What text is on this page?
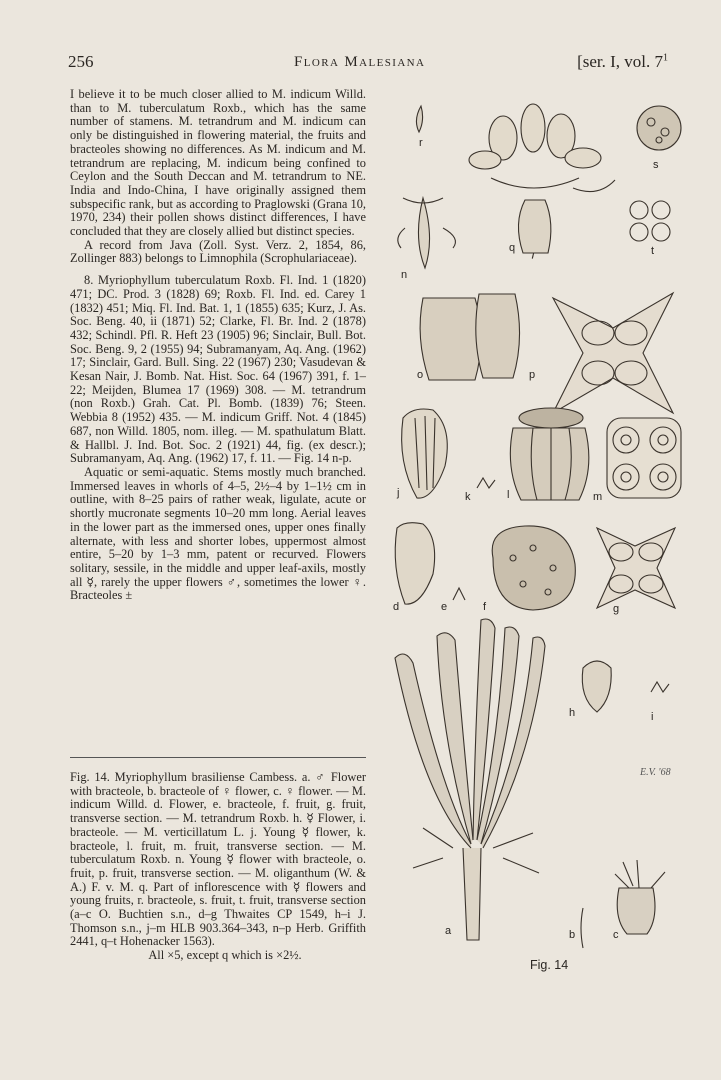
256	Flora Malesiana	[ser. I, vol. $7^1$

I believe it to be much closer allied to M. indicum Willd. than to M. tuberculatum Roxb., which has the same number of stamens. M. tetrandrum and M. indicum can only be distinguished in flowering material, the fruits and bracteoles showing no differences. As M. indicum and M. tetrandrum are replacing, M. indicum being confined to Ceylon and the South Deccan and M. tetrandrum to NE. India and Indo-China, I have originally assigned them subspecific rank, but as according to Praglowski (Grana 10, 1970, 234) their pollen shows distinct differences, I have concluded that they are closely allied but distinct species.

A record from Java (Zoll. Syst. Verz. 2, 1854, 86, Zollinger 883) belongs to Limnophila (Scrophulariaceae).

8. Myriophyllum tuberculatum Roxb. Fl. Ind. 1 (1820) 471; DC. Prod. 3 (1828) 69; Roxb. Fl. Ind. ed. Carey 1 (1832) 451; Miq. Fl. Ind. Bat. 1, 1 (1855) 635; Kurz, J. As. Soc. Beng. 40, ii (1871) 52; Clarke, Fl. Br. Ind. 2 (1878) 432; Schindl. Pfl. R. Heft 23 (1905) 96; Sinclair, Bull. Bot. Soc. Beng. 9, 2 (1955) 94; Subramanyam, Aq. Ang. (1962) 17; Sinclair, Gard. Bull. Sing. 22 (1967) 230; Vasudevan & Kesan Nair, J. Bomb. Nat. Hist. Soc. 64 (1967) 391, f. 1–22; Meijden, Blumea 17 (1969) 308. — M. tetrandrum (non Roxb.) Grah. Cat. Pl. Bomb. (1839) 76; Steen. Webbia 8 (1952) 435. — M. indicum Griff. Not. 4 (1845) 687, non Willd. 1805, nom. illeg. — M. spathulatum Blatt. & Hallbl. J. Ind. Bot. Soc. 2 (1921) 44, fig. (ex descr.); Subramanyam, Aq. Ang. (1962) 17, f. 11. — Fig. 14 n-p.

Aquatic or semi-aquatic. Stems mostly much branched. Immersed leaves in whorls of 4–5, 2½–4 by 1–1½ cm in outline, with 8–25 pairs of rather weak, ligulate, acute or shortly mucronate segments 10–20 mm long. Aerial leaves in the lower part as the immersed ones, upper ones finally alternate, with less and shorter lobes, uppermost almost entire, 5–20 by 1–3 mm, patent or recurved. Flowers solitary, sessile, in the middle and upper leaf-axils, mostly all ☿, rarely the upper flowers ♂, sometimes the lower ♀. Bracteoles ±

Fig. 14. Myriophyllum brasiliense Cambess. a. ♂ Flower with bracteole, b. bracteole of ♀ flower, c. ♀ flower. — M. indicum Willd. d. Flower, e. bracteole, f. fruit, g. fruit, transverse section. — M. tetrandrum Roxb. h. ☿ Flower, i. bracteole. — M. verticillatum L. j. Young ☿ flower, k. bracteole, l. fruit, m. fruit, transverse section. — M. tuberculatum Roxb. n. Young ☿ flower with bracteole, o. fruit, p. fruit, transverse section. — M. oliganthum (W. & A.) F. v. M. q. Part of inflorescence with ☿ flowers and young fruits, r. bracteole, s. fruit, t. fruit, transverse section (a–c O. Buchtien s.n., d–g Thwaites CP 1549, h–i J. Thomson s.n., j–m HLB 903.364–343, n–p Herb. Griffith 2441, q–t Hohenacker 1563).

All ×5, except q which is ×2½.

r
s
q	t
n
o	p
j	k	l	m
d	e	f	g
h	i
a	b	c
E.V. '68
Fig. 14
